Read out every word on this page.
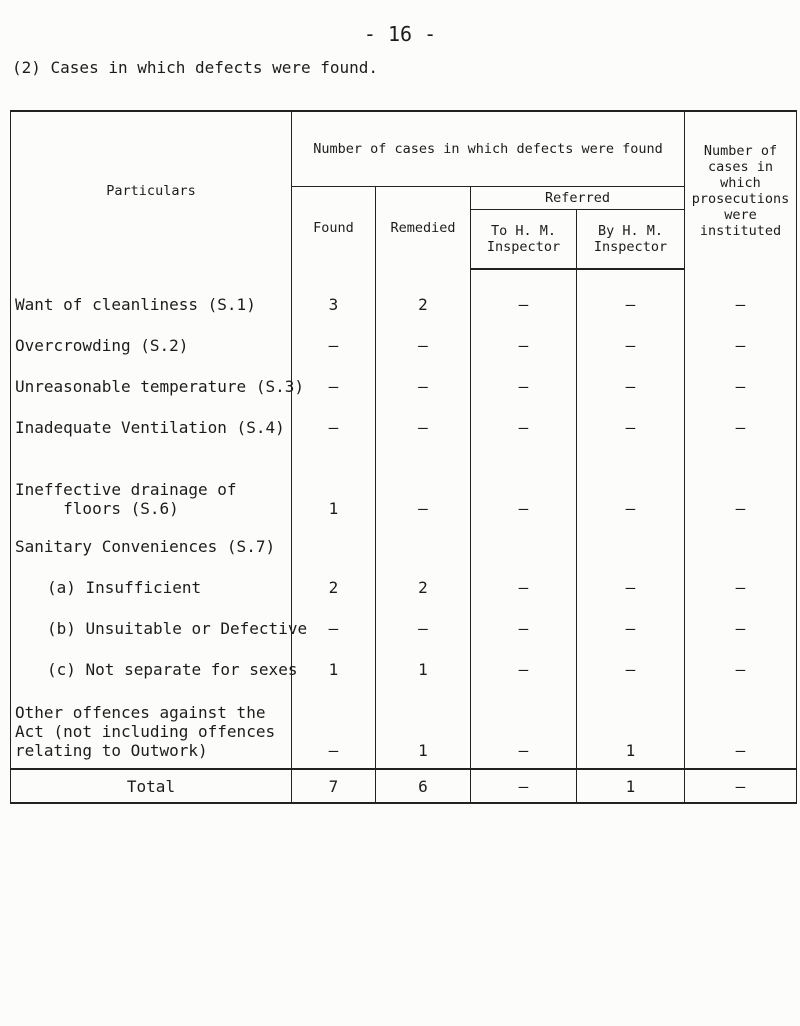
- 16 -
(2) Cases in which defects were found.
Particulars	Number of cases in which defects were found				Number of cases in which prosecutions were instituted
	Found	Remedied	Referred		
			To H. M. Inspector	By H. M. Inspector	
Want of cleanliness (S.1)	3	2	–	–	–
Overcrowding (S.2)	–	–	–	–	–
Unreasonable temperature (S.3)	–	–	–	–	–
Inadequate Ventilation (S.4)	–	–	–	–	–
Ineffective drainage of
floors (S.6)	1	–	–	–	–
Sanitary Conveniences (S.7)					
(a) Insufficient	2	2	–	–	–
(b) Unsuitable or Defective	–	–	–	–	–
(c) Not separate for sexes	1	1	–	–	–
Other offences against the
Act (not including offences
relating to Outwork)	–	1	–	1	–
Total	7	6	–	1	–
